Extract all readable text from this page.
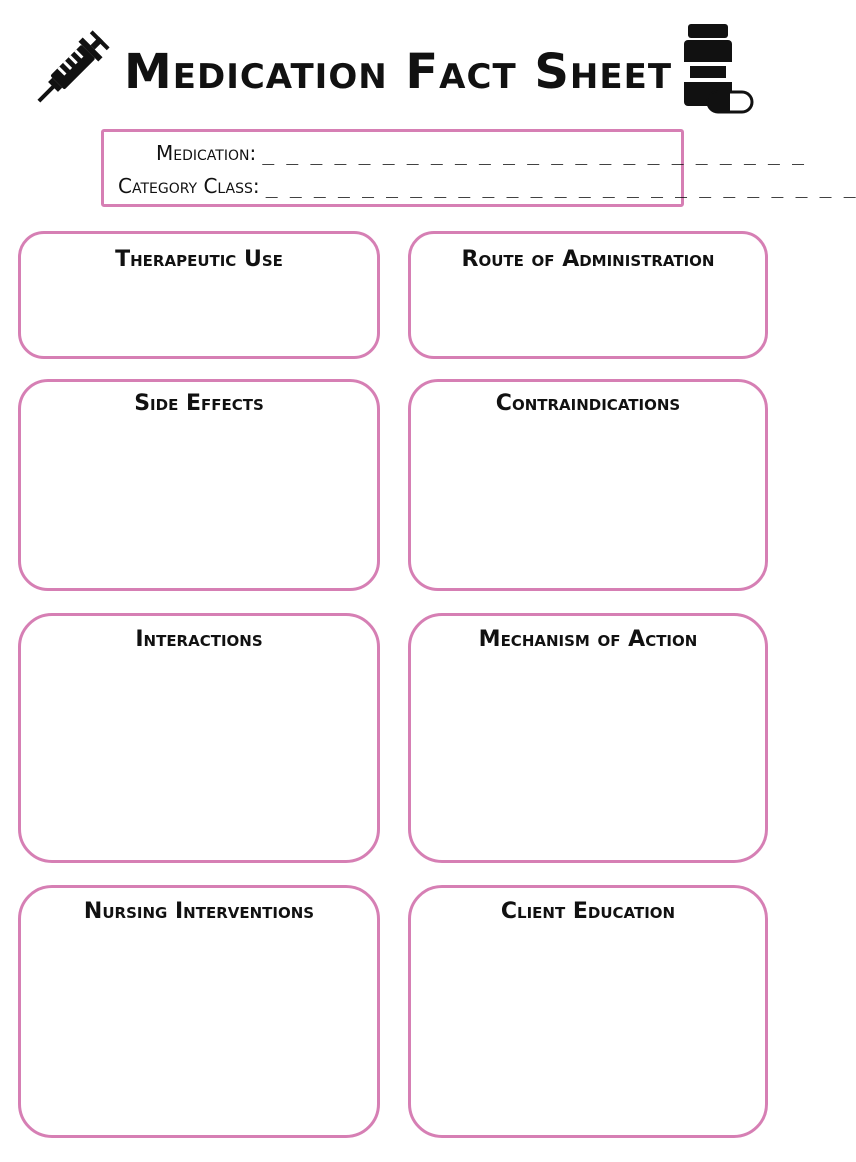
Medication Fact Sheet
Medication: _ _ _ _ _ _ _ _ _ _ _ _ _ _ _ _ _ _ _ _ _ _ _
Category Class: _ _ _ _ _ _ _ _ _ _ _ _ _ _ _ _ _ _ _ _ _ _ _ _ _
Therapeutic Use	Route of Administration
Side Effects	Contraindications
Interactions	Mechanism of Action
Nursing Interventions	Client Education
